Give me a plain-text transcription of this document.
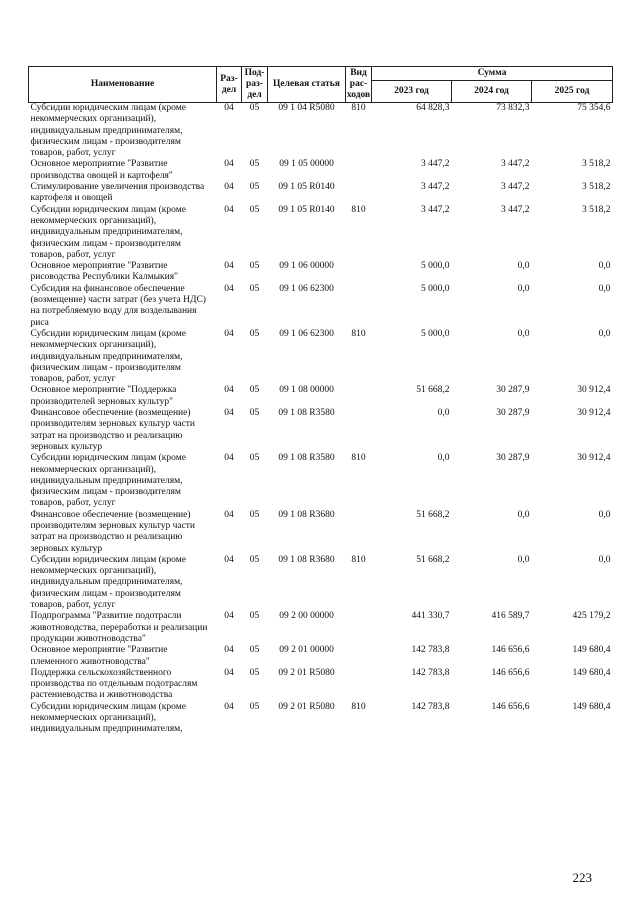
Наименование	Раз-дел	Под-раз-дел	Целевая статья	Вид рас-ходов	Сумма		
					2023 год	2024 год	2025 год
Субсидии юридическим лицам (кроме некоммерческих организаций), индивидуальным предпринимателям, физическим лицам - производителям товаров, работ, услуг	04	05	09 1 04 R5080	810	64 828,3	73 832,3	75 354,6
Основное мероприятие "Развитие производства овощей и картофеля"	04	05	09 1 05 00000		3 447,2	3 447,2	3 518,2
Стимулирование увеличения производства картофеля и овощей	04	05	09 1 05 R0140		3 447,2	3 447,2	3 518,2
Субсидии юридическим лицам (кроме некоммерческих организаций), индивидуальным предпринимателям, физическим лицам - производителям товаров, работ, услуг	04	05	09 1 05 R0140	810	3 447,2	3 447,2	3 518,2
Основное мероприятие "Развитие рисоводства Республики Калмыкия"	04	05	09 1 06 00000		5 000,0	0,0	0,0
Субсидия на финансовое обеспечение (возмещение) части затрат (без учета НДС) на потребляемую воду для возделывания риса	04	05	09 1 06 62300		5 000,0	0,0	0,0
Субсидии юридическим лицам (кроме некоммерческих организаций), индивидуальным предпринимателям, физическим лицам - производителям товаров, работ, услуг	04	05	09 1 06 62300	810	5 000,0	0,0	0,0
Основное мероприятие "Поддержка производителей зерновых культур"	04	05	09 1 08 00000		51 668,2	30 287,9	30 912,4
Финансовое обеспечение (возмещение) производителям зерновых культур части затрат на производство и реализацию зерновых культур	04	05	09 1 08 R3580		0,0	30 287,9	30 912,4
Субсидии юридическим лицам (кроме некоммерческих организаций), индивидуальным предпринимателям, физическим лицам - производителям товаров, работ, услуг	04	05	09 1 08 R3580	810	0,0	30 287,9	30 912,4
Финансовое обеспечение (возмещение) производителям зерновых культур части затрат на производство и реализацию зерновых культур	04	05	09 1 08 R3680		51 668,2	0,0	0,0
Субсидии юридическим лицам (кроме некоммерческих организаций), индивидуальным предпринимателям, физическим лицам - производителям товаров, работ, услуг	04	05	09 1 08 R3680	810	51 668,2	0,0	0,0
Подпрограмма "Развитие подотрасли животноводства, переработки и реализации продукции животноводства"	04	05	09 2 00 00000		441 330,7	416 589,7	425 179,2
Основное мероприятие "Развитие племенного животноводства"	04	05	09 2 01 00000		142 783,8	146 656,6	149 680,4
Поддержка сельскохозяйственного производства по отдельным подотраслям растениеводства и животноводства	04	05	09 2 01 R5080		142 783,8	146 656,6	149 680,4
Субсидии юридическим лицам (кроме некоммерческих организаций), индивидуальным предпринимателям,	04	05	09 2 01 R5080	810	142 783,8	146 656,6	149 680,4
223
